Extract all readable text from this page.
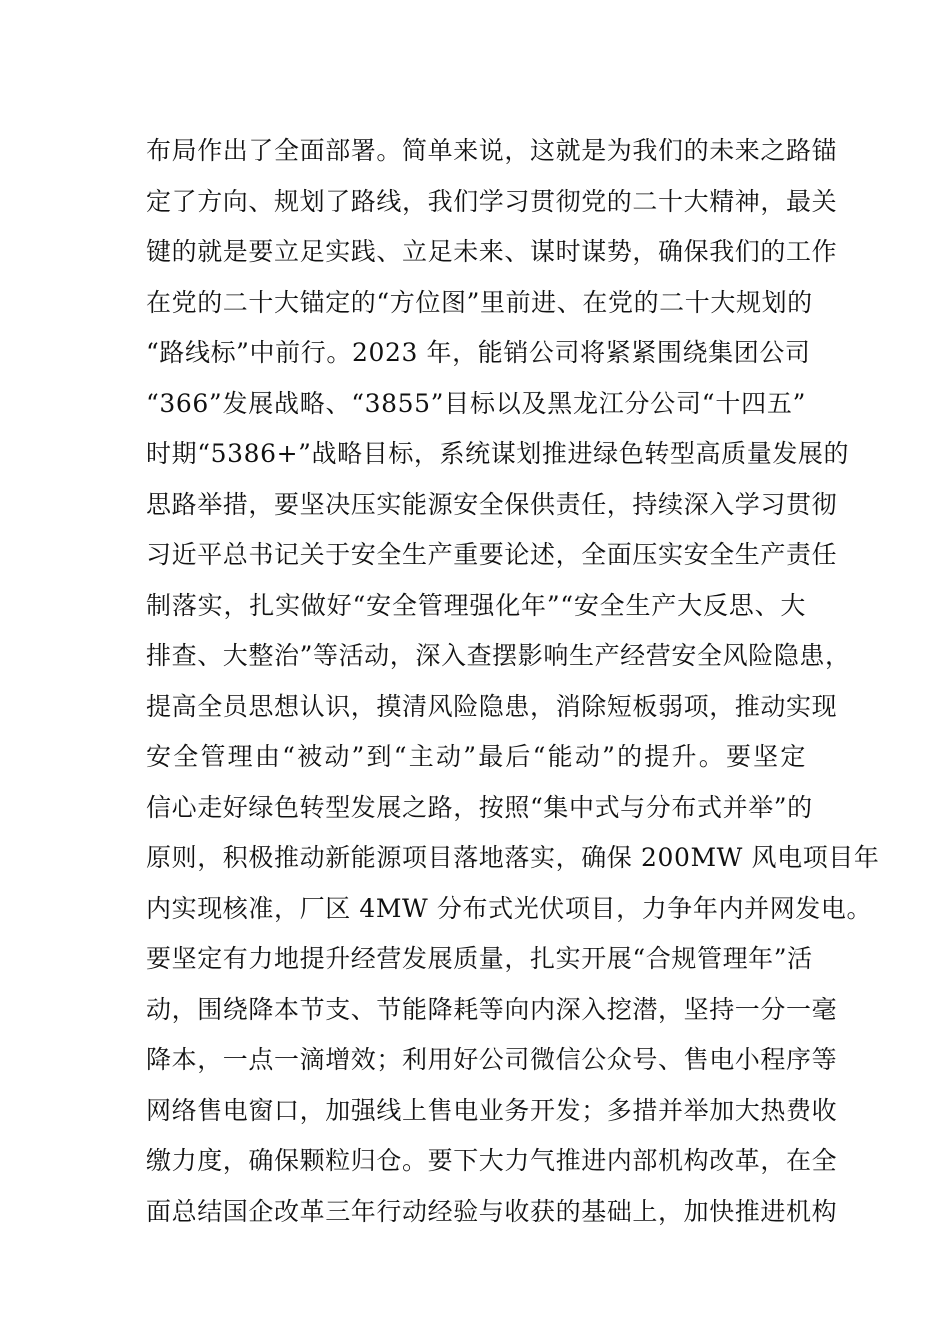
布局作出了全面部署。简单来说，这就是为我们的未来之路锚
定了方向、规划了路线，我们学习贯彻党的二十大精神，最关
键的就是要立足实践、立足未来、谋时谋势，确保我们的工作
在党的二十大锚定的“方位图”里前进、在党的二十大规划的
“路线标”中前行。2023 年，能销公司将紧紧围绕集团公司
“366”发展战略、“3855”目标以及黑龙江分公司“十四五”
时期“5386+”战略目标，系统谋划推进绿色转型高质量发展的
思路举措，要坚决压实能源安全保供责任，持续深入学习贯彻
习近平总书记关于安全生产重要论述，全面压实安全生产责任
制落实，扎实做好“安全管理强化年”“安全生产大反思、大
排查、大整治”等活动，深入查摆影响生产经营安全风险隐患，
提高全员思想认识，摸清风险隐患，消除短板弱项，推动实现
安全管理由“被动”到“主动”最后“能动”的提升。要坚定
信心走好绿色转型发展之路，按照“集中式与分布式并举”的
原则，积极推动新能源项目落地落实，确保 200MW 风电项目年
内实现核准，厂区 4MW 分布式光伏项目，力争年内并网发电。
要坚定有力地提升经营发展质量，扎实开展“合规管理年”活
动，围绕降本节支、节能降耗等向内深入挖潜，坚持一分一毫
降本，一点一滴增效；利用好公司微信公众号、售电小程序等
网络售电窗口，加强线上售电业务开发；多措并举加大热费收
缴力度，确保颗粒归仓。要下大力气推进内部机构改革，在全
面总结国企改革三年行动经验与收获的基础上，加快推进机构
